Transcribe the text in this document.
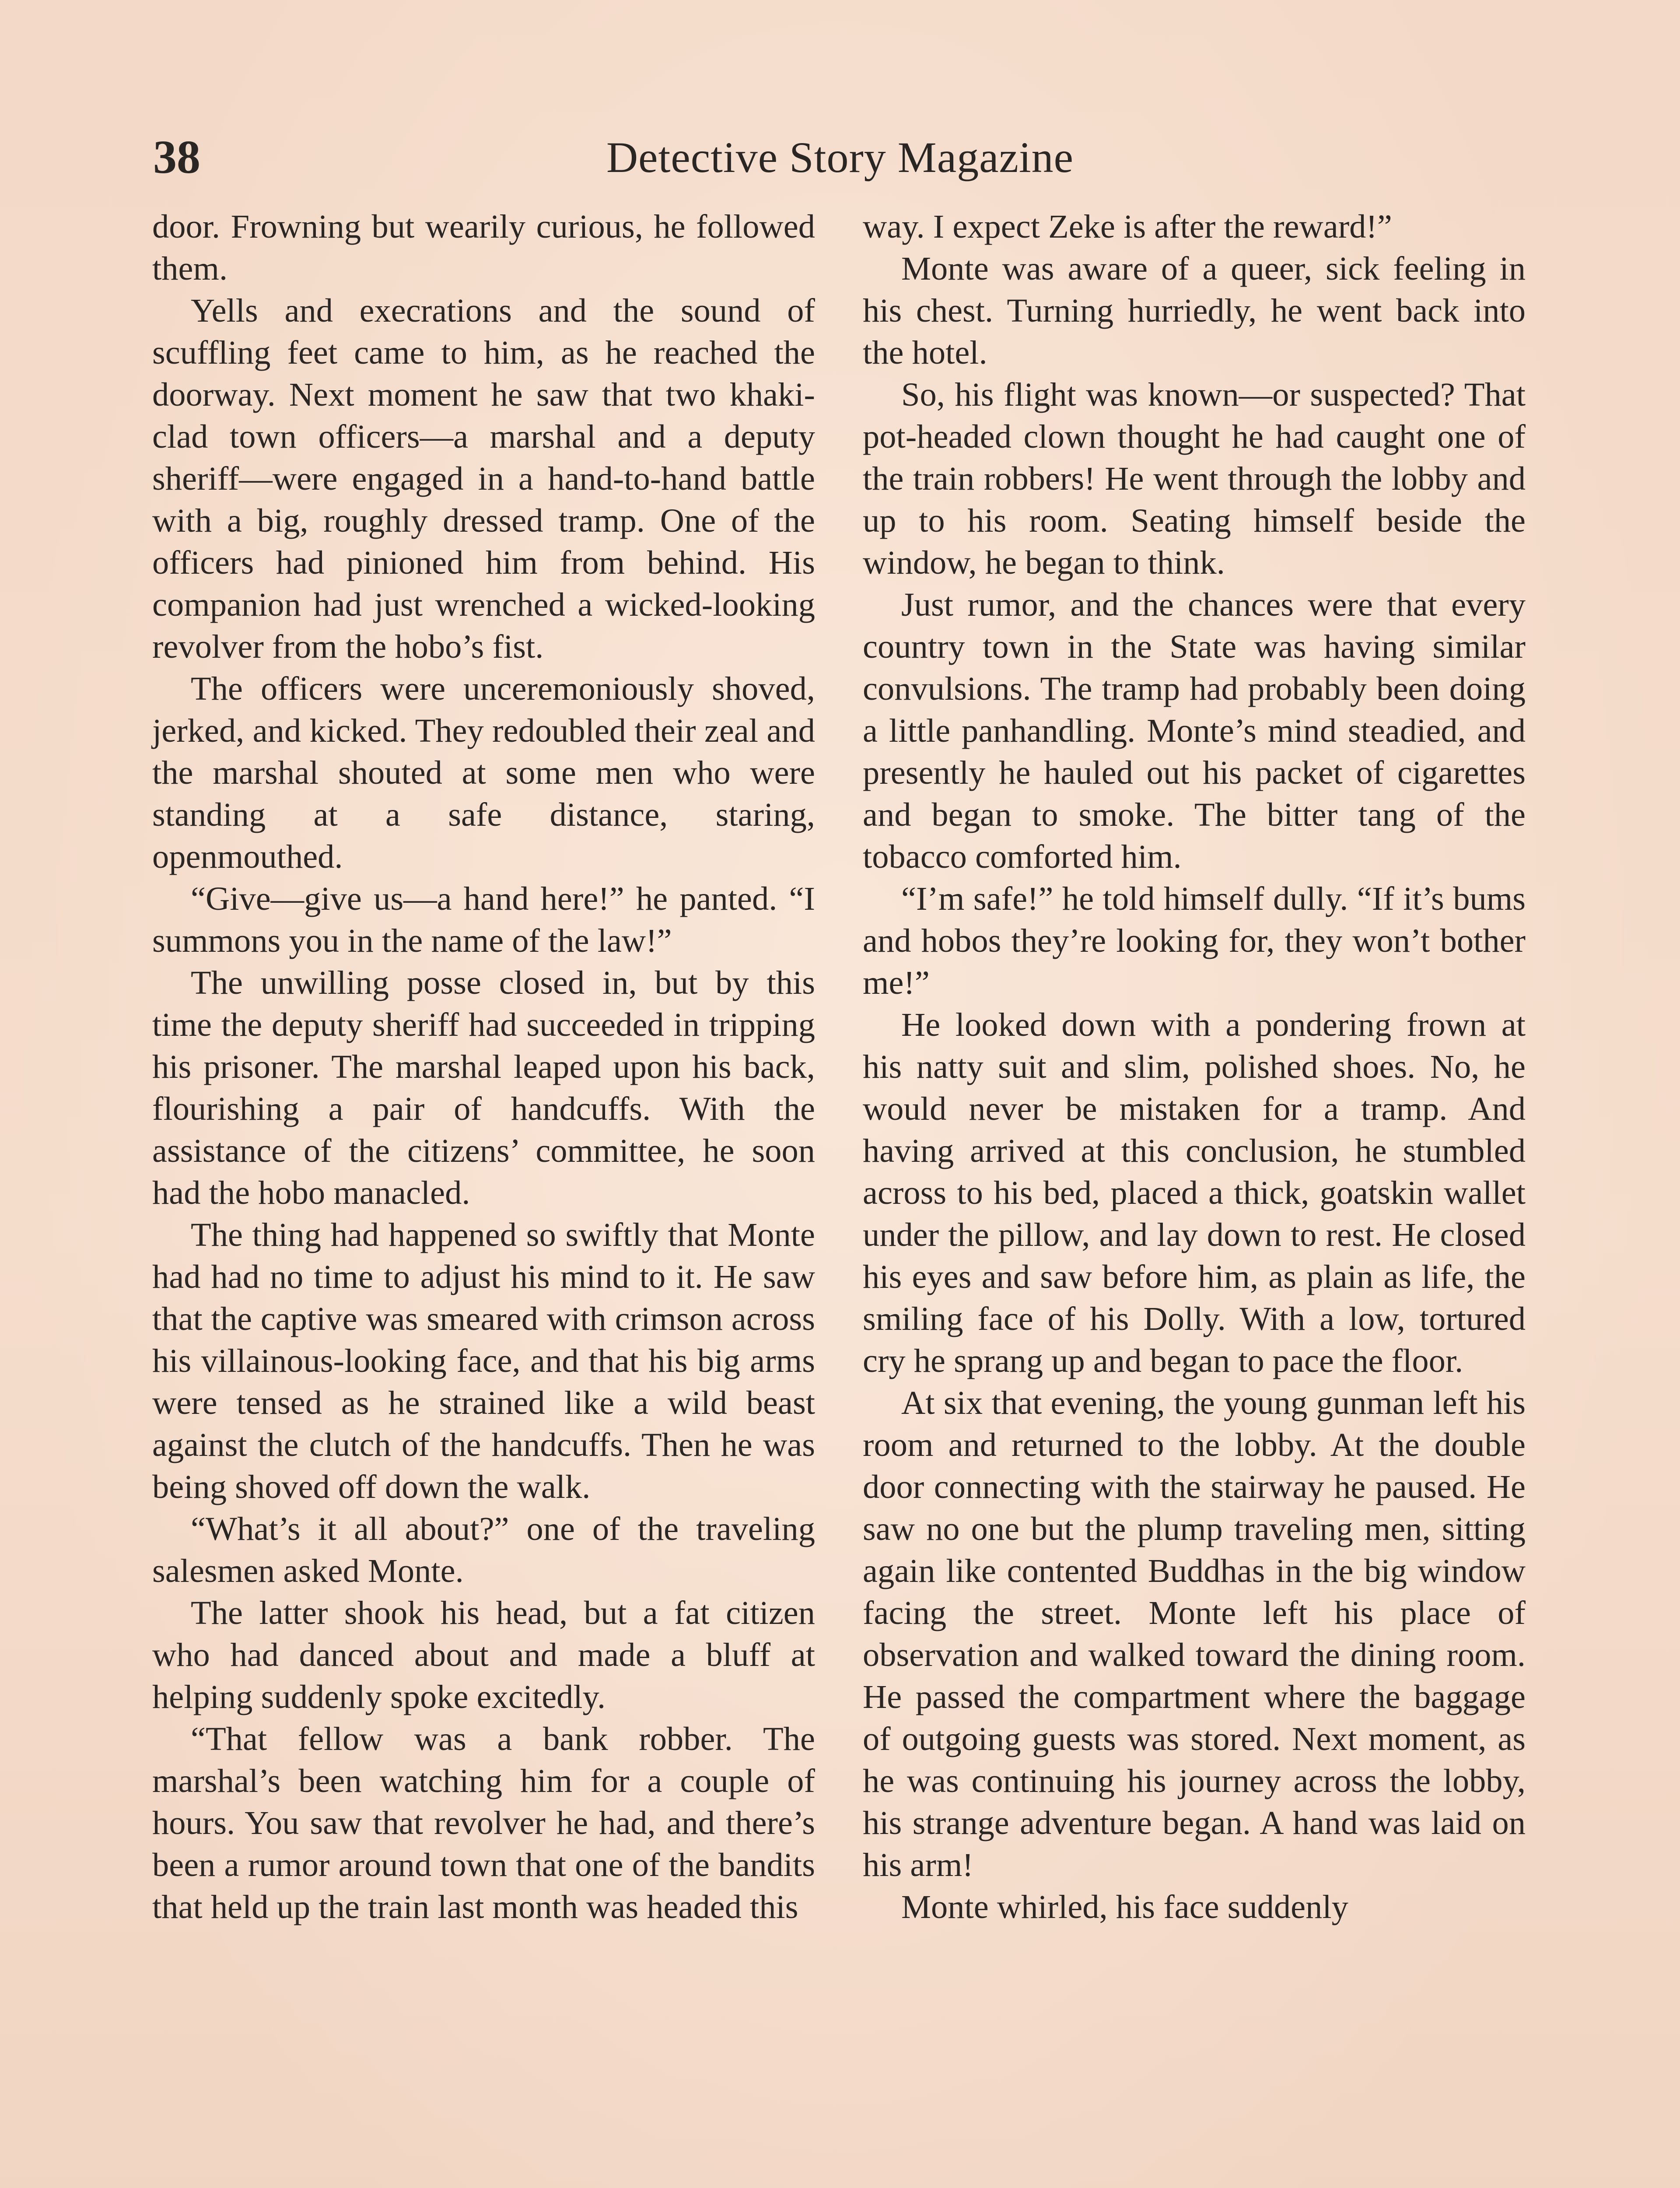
38	Detective Story Magazine

door. Frowning but wearily curious, he followed them.

Yells and execrations and the sound of scuffling feet came to him, as he reached the doorway. Next moment he saw that two khaki-clad town officers—a marshal and a deputy sheriff—were engaged in a hand-to-hand battle with a big, roughly dressed tramp. One of the officers had pinioned him from behind. His companion had just wrenched a wicked-looking revolver from the hobo’s fist.

The officers were unceremoniously shoved, jerked, and kicked. They redoubled their zeal and the marshal shouted at some men who were standing at a safe distance, staring, openmouthed.

“Give—give us—a hand here!” he panted. “I summons you in the name of the law!”

The unwilling posse closed in, but by this time the deputy sheriff had succeeded in tripping his prisoner. The marshal leaped upon his back, flourishing a pair of handcuffs. With the assistance of the citizens’ committee, he soon had the hobo manacled.

The thing had happened so swiftly that Monte had had no time to adjust his mind to it. He saw that the captive was smeared with crimson across his villainous-looking face, and that his big arms were tensed as he strained like a wild beast against the clutch of the handcuffs. Then he was being shoved off down the walk.

“What’s it all about?” one of the traveling salesmen asked Monte.

The latter shook his head, but a fat citizen who had danced about and made a bluff at helping suddenly spoke excitedly.

“That fellow was a bank robber. The marshal’s been watching him for a couple of hours. You saw that revolver he had, and there’s been a rumor around town that one of the bandits that held up the train last month was headed this

way. I expect Zeke is after the reward!”

Monte was aware of a queer, sick feeling in his chest. Turning hurriedly, he went back into the hotel.

So, his flight was known—or suspected? That pot-headed clown thought he had caught one of the train robbers! He went through the lobby and up to his room. Seating himself beside the window, he began to think.

Just rumor, and the chances were that every country town in the State was having similar convulsions. The tramp had probably been doing a little panhandling. Monte’s mind steadied, and presently he hauled out his packet of cigarettes and began to smoke. The bitter tang of the tobacco comforted him.

“I’m safe!” he told himself dully. “If it’s bums and hobos they’re looking for, they won’t bother me!”

He looked down with a pondering frown at his natty suit and slim, polished shoes. No, he would never be mistaken for a tramp. And having arrived at this conclusion, he stumbled across to his bed, placed a thick, goatskin wallet under the pillow, and lay down to rest. He closed his eyes and saw before him, as plain as life, the smiling face of his Dolly. With a low, tortured cry he sprang up and began to pace the floor.

At six that evening, the young gunman left his room and returned to the lobby. At the double door connecting with the stairway he paused. He saw no one but the plump traveling men, sitting again like contented Buddhas in the big window facing the street. Monte left his place of observation and walked toward the dining room. He passed the compartment where the baggage of outgoing guests was stored. Next moment, as he was continuing his journey across the lobby, his strange adventure began. A hand was laid on his arm!

Monte whirled, his face suddenly
